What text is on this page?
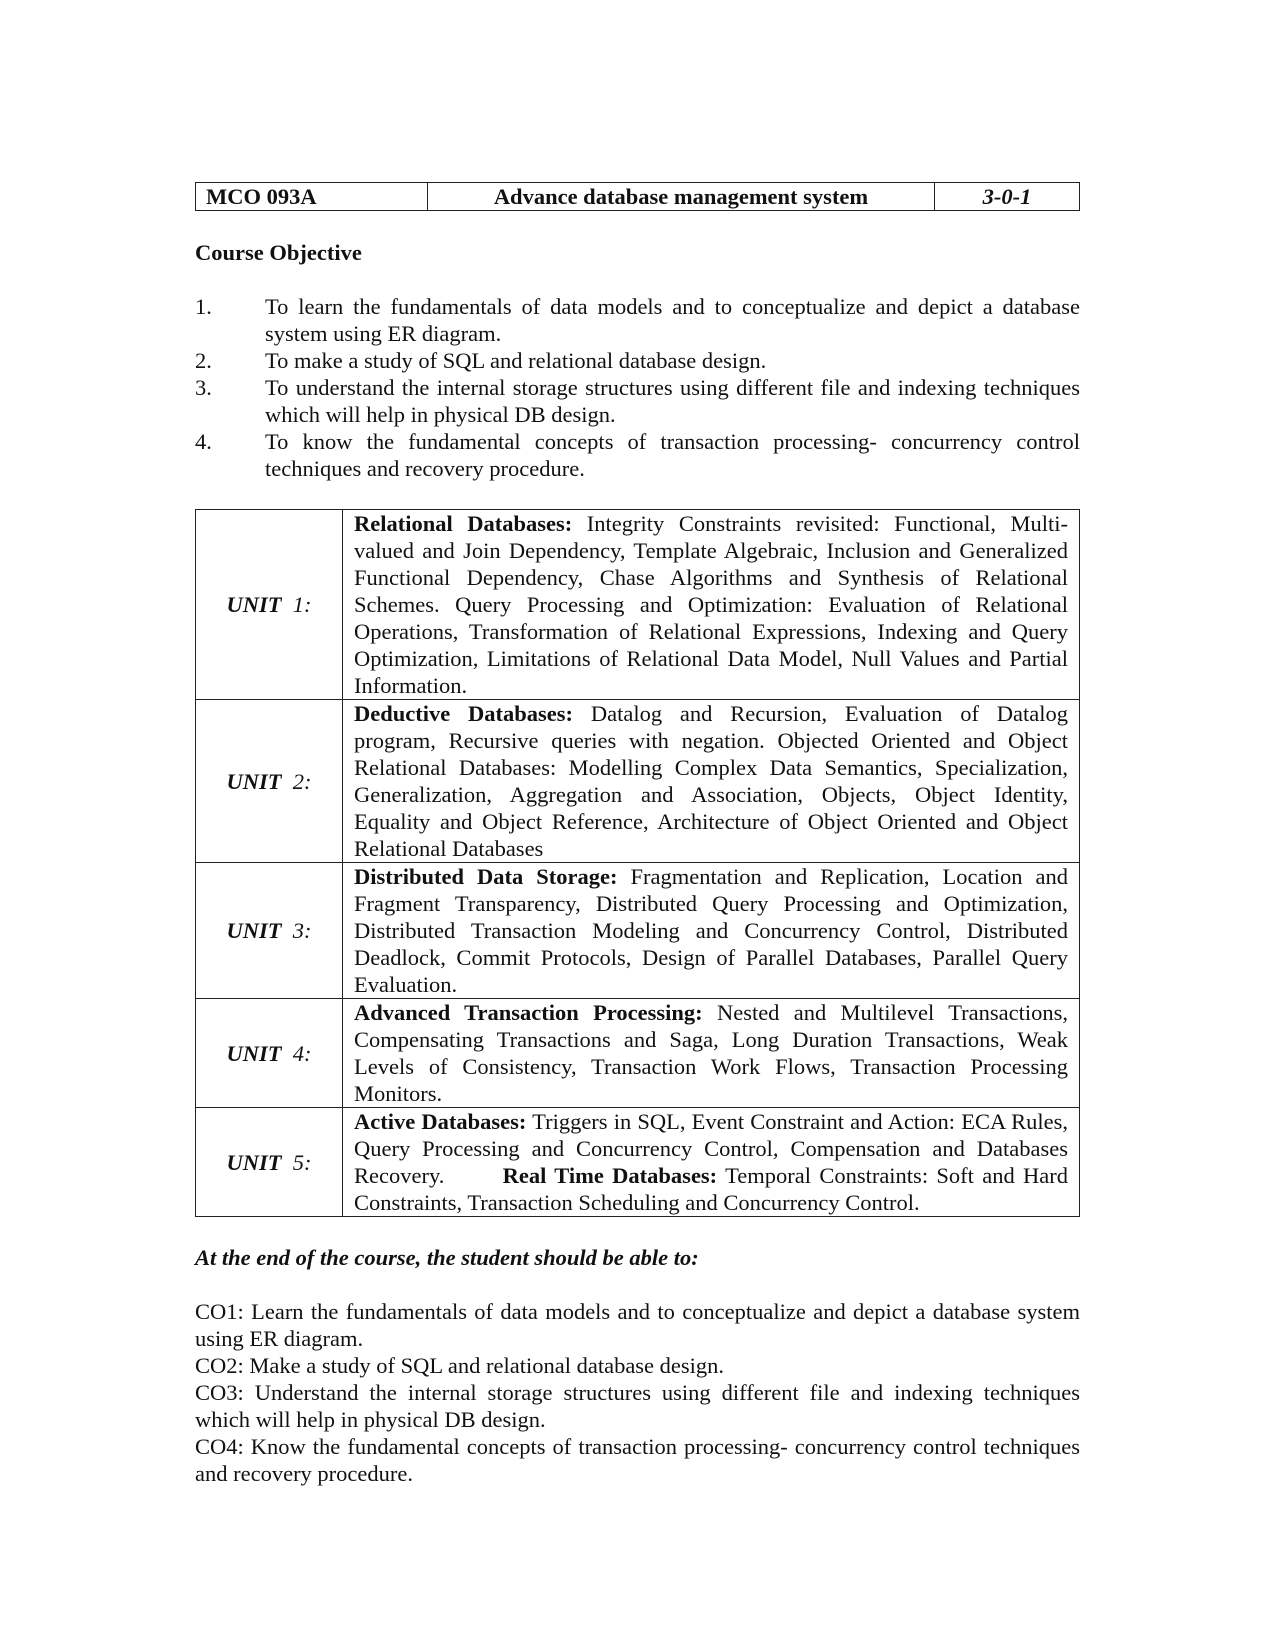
MCO 093A	Advance database management system	3-0-1
Course Objective
1.	To learn the fundamentals of data models and to conceptualize and depict a database system using ER diagram.
2.	To make a study of SQL and relational database design.
3.	To understand the internal storage structures using different file and indexing techniques which will help in physical DB design.
4.	To know the fundamental concepts of transaction processing- concurrency control techniques and recovery procedure.
UNIT 1:	Relational Databases: Integrity Constraints revisited: Functional, Multi-valued and Join Dependency, Template Algebraic, Inclusion and Generalized Functional Dependency, Chase Algorithms and Synthesis of Relational Schemes. Query Processing and Optimization: Evaluation of Relational Operations, Transformation of Relational Expressions, Indexing and Query Optimization, Limitations of Relational Data Model, Null Values and Partial Information.
UNIT 2:	Deductive Databases: Datalog and Recursion, Evaluation of Datalog program, Recursive queries with negation. Objected Oriented and Object Relational Databases: Modelling Complex Data Semantics, Specialization, Generalization, Aggregation and Association, Objects, Object Identity, Equality and Object Reference, Architecture of Object Oriented and Object Relational Databases
UNIT 3:	Distributed Data Storage: Fragmentation and Replication, Location and Fragment Transparency, Distributed Query Processing and Optimization, Distributed Transaction Modeling and Concurrency Control, Distributed Deadlock, Commit Protocols, Design of Parallel Databases, Parallel Query Evaluation.
UNIT 4:	Advanced Transaction Processing: Nested and Multilevel Transactions, Compensating Transactions and Saga, Long Duration Transactions, Weak Levels of Consistency, Transaction Work Flows, Transaction Processing Monitors.
UNIT 5:	Active Databases: Triggers in SQL, Event Constraint and Action: ECA Rules, Query Processing and Concurrency Control, Compensation and Databases Recovery. Real Time Databases: Temporal Constraints: Soft and Hard Constraints, Transaction Scheduling and Concurrency Control.
At the end of the course, the student should be able to:

CO1: Learn the fundamentals of data models and to conceptualize and depict a database system using ER diagram.

CO2: Make a study of SQL and relational database design.

CO3: Understand the internal storage structures using different file and indexing techniques which will help in physical DB design.

CO4: Know the fundamental concepts of transaction processing- concurrency control techniques and recovery procedure.
